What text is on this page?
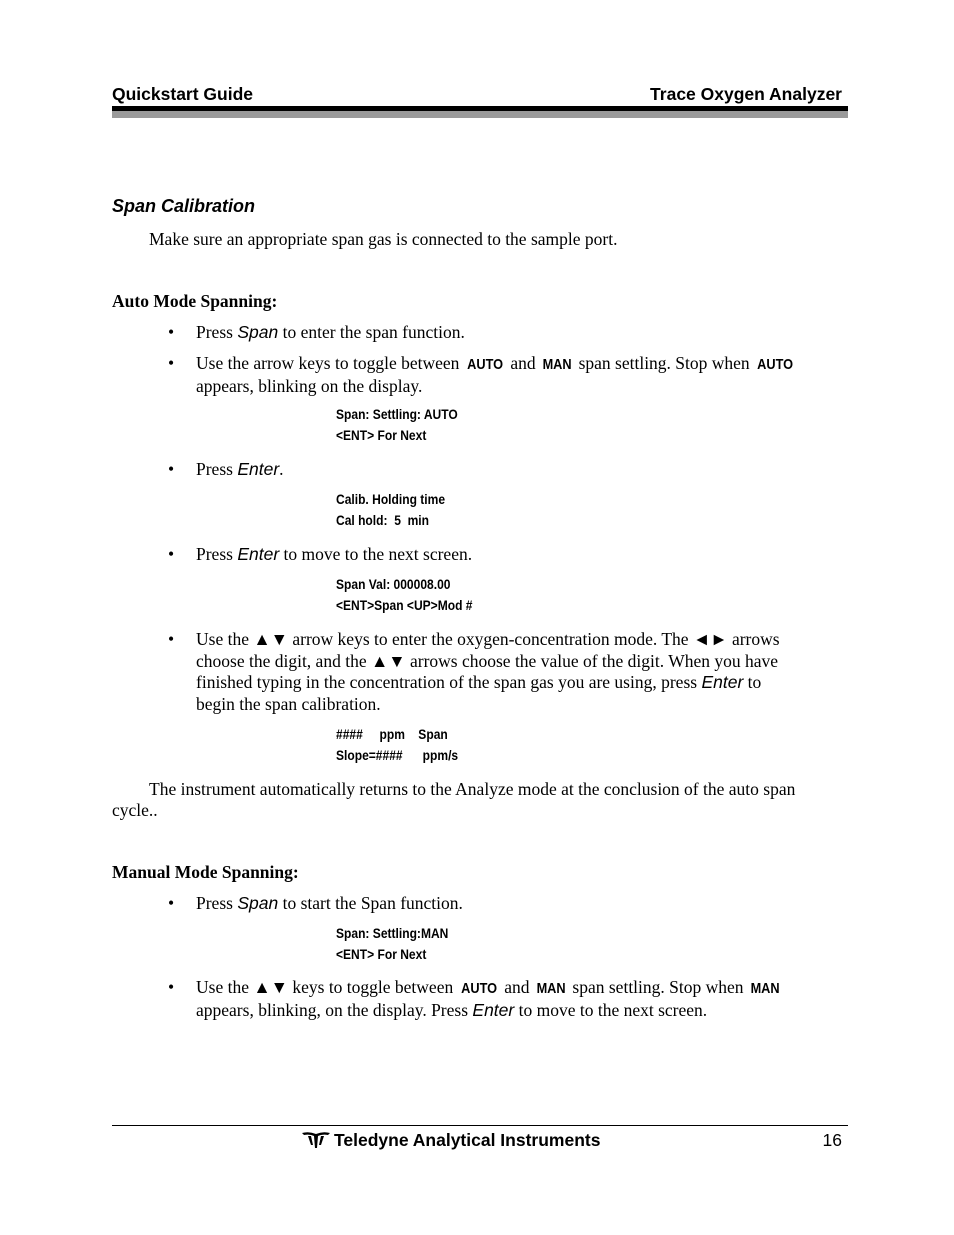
Quickstart Guide	Trace Oxygen Analyzer
Span Calibration
Make sure an appropriate span gas is connected to the sample port.
Auto Mode Spanning:
• Press Span to enter the span function.
• Use the arrow keys to toggle between AUTO and MAN span settling. Stop when AUTO
appears, blinking on the display.
Span: Settling: AUTO
<ENT> For Next
• Press Enter.
Calib. Holding time
Cal hold:  5  min
• Press Enter to move to the next screen.
Span Val: 000008.00
<ENT>Span <UP>Mod #
• Use the ▲▼ arrow keys to enter the oxygen-concentration mode. The ◄► arrows
choose the digit, and the ▲▼ arrows choose the value of the digit. When you have
finished typing in the concentration of the span gas you are using, press Enter to
begin the span calibration.
####     ppm    Span
Slope=####      ppm/s
The instrument automatically returns to the Analyze mode at the conclusion of the auto span
cycle..
Manual Mode Spanning:
• Press Span to start the Span function.
Span: Settling:MAN
<ENT> For Next
• Use the ▲▼ keys to toggle between AUTO and MAN span settling. Stop when MAN
appears, blinking, on the display. Press Enter to move to the next screen.
Teledyne Analytical Instruments	16
